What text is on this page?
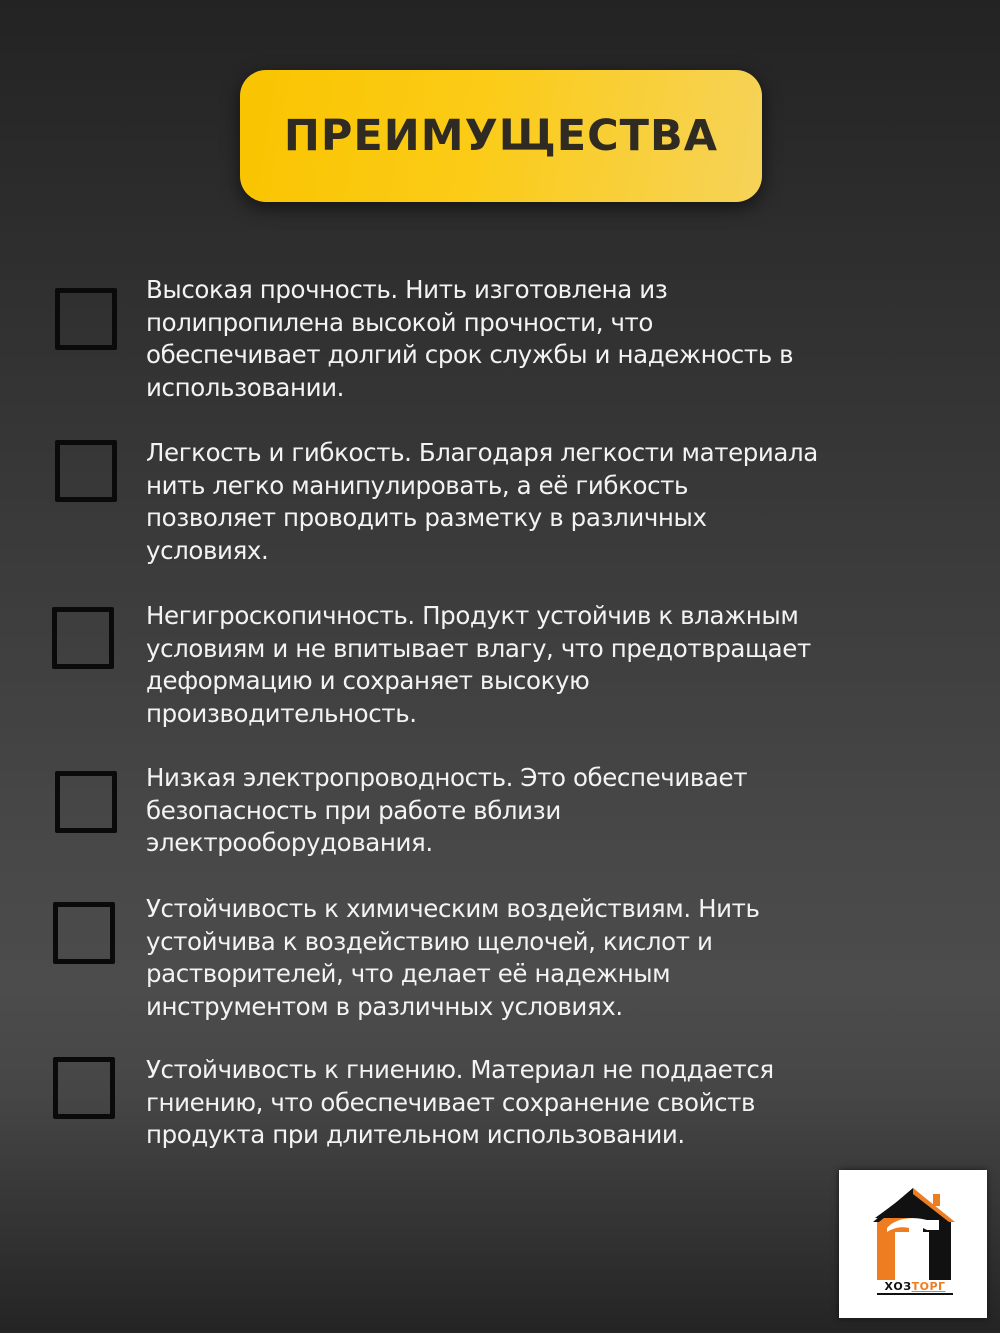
ПРЕИМУЩЕСТВА
Высокая прочность. Нить изготовлена из
полипропилена высокой прочности, что
обеспечивает долгий срок службы и надежность в
использовании.
Легкость и гибкость. Благодаря легкости материала
нить легко манипулировать, а её гибкость
позволяет проводить разметку в различных
условиях.
Негигроскопичность. Продукт устойчив к влажным
условиям и не впитывает влагу, что предотвращает
деформацию и сохраняет высокую
производительность.
Низкая электропроводность. Это обеспечивает
безопасность при работе вблизи
электрооборудования.
Устойчивость к химическим воздействиям. Нить
устойчива к воздействию щелочей, кислот и
растворителей, что делает её надежным
инструментом в различных условиях.
Устойчивость к гниению. Материал не поддается
гниению, что обеспечивает сохранение свойств
продукта при длительном использовании.
ХОЗТОРГ
